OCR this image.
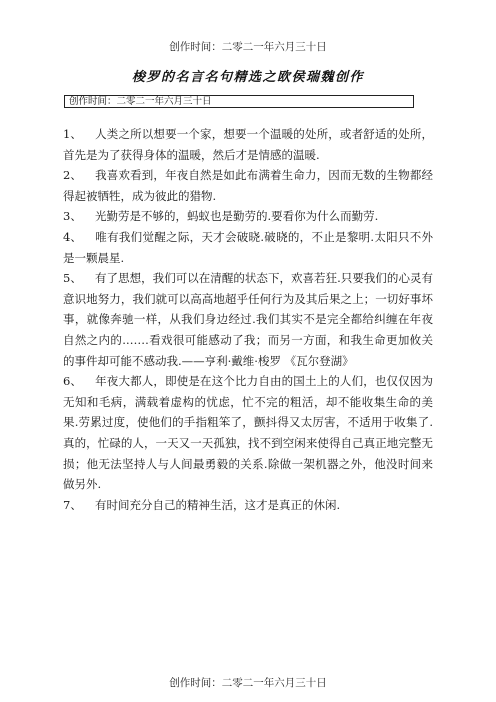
创作时间：二零二一年六月三十日
梭罗的名言名句精选之欧侯瑞魏创作
创作时间：二零二一年六月三十日

1、 人类之所以想要一个家，想要一个温暖的处所，或者舒适的处所，首先是为了获得身体的温暖，然后才是情感的温暖.

2、 我喜欢看到，年夜自然是如此布满着生命力，因而无数的生物都经得起被牺牲，成为彼此的猎物.

3、 光勤劳是不够的，蚂蚁也是勤劳的.要看你为什么而勤劳.

4、 唯有我们觉醒之际，天才会破晓.破晓的，不止是黎明.太阳只不外是一颗晨星.

5、 有了思想，我们可以在清醒的状态下，欢喜若狂.只要我们的心灵有意识地努力，我们就可以高高地超乎任何行为及其后果之上；一切好事坏事，就像奔驰一样，从我们身边经过.我们其实不是完全都给纠缠在年夜自然之内的.……看戏很可能感动了我；而另一方面，和我生命更加攸关的事件却可能不感动我.——亨利·戴维·梭罗 《瓦尔登湖》

6、 年夜大都人，即使是在这个比力自由的国土上的人们，也仅仅因为无知和毛病，满载着虚构的忧虑，忙不完的粗活，却不能收集生命的美果.劳累过度，使他们的手指粗笨了，颤抖得又太厉害，不适用于收集了.真的，忙碌的人，一天又一天孤独，找不到空闲来使得自己真正地完整无损；他无法坚持人与人间最勇毅的关系.除做一架机器之外，他没时间来做另外.

7、 有时间充分自己的精神生活，这才是真正的休闲.

创作时间：二零二一年六月三十日
